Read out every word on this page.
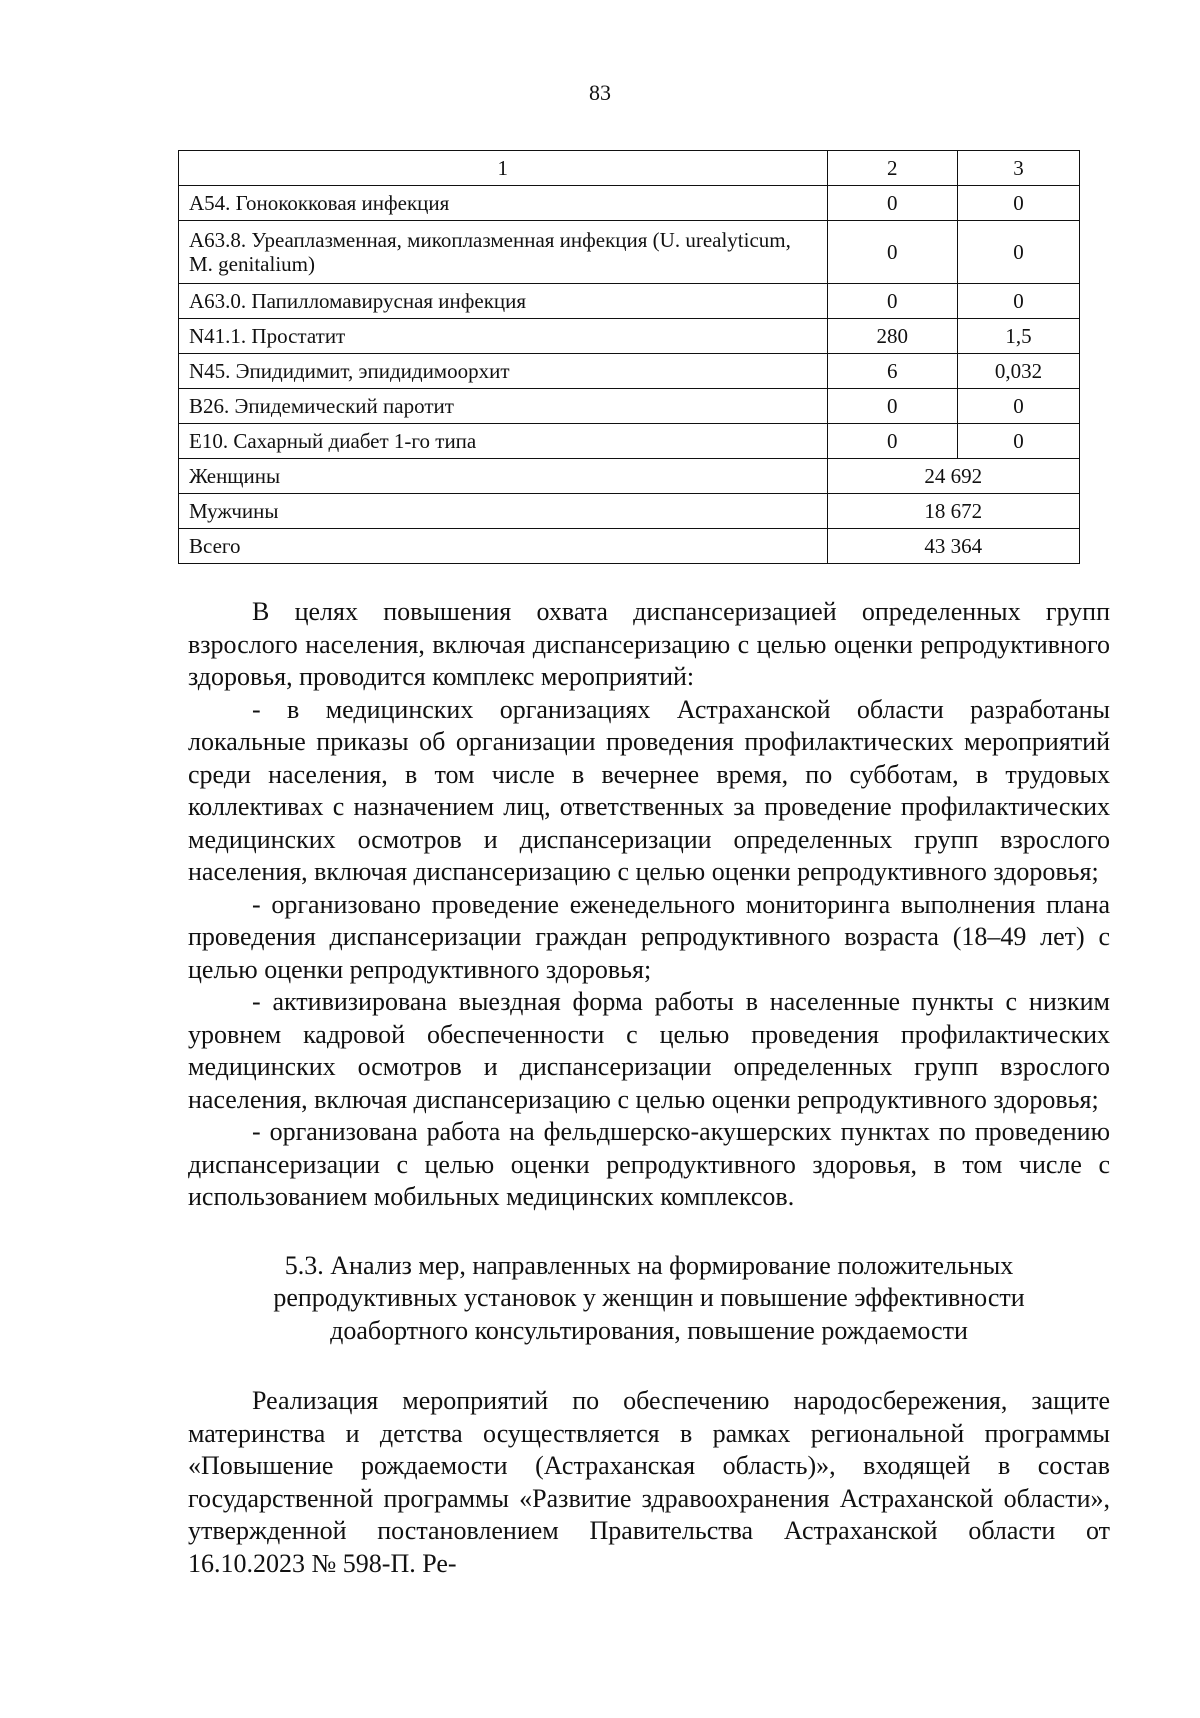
83
1	2	3
А54. Гонококковая инфекция	0	0
А63.8. Уреаплазменная, микоплазменная инфекция (U. urealyticum, M. genitalium)	0	0
А63.0. Папилломавирусная инфекция	0	0
N41.1. Простатит	280	1,5
N45. Эпидидимит, эпидидимоорхит	6	0,032
В26. Эпидемический паротит	0	0
Е10. Сахарный диабет 1-го типа	0	0
Женщины	24 692	
Мужчины	18 672	
Всего	43 364	

В целях повышения охвата диспансеризацией определенных групп взрослого населения, включая диспансеризацию с целью оценки репродуктивного здоровья, проводится комплекс мероприятий:

- в медицинских организациях Астраханской области разработаны локальные приказы об организации проведения профилактических мероприятий среди населения, в том числе в вечернее время, по субботам, в трудовых коллективах с назначением лиц, ответственных за проведение профилактических медицинских осмотров и диспансеризации определенных групп взрослого населения, включая диспансеризацию с целью оценки репродуктивного здоровья;

- организовано проведение еженедельного мониторинга выполнения плана проведения диспансеризации граждан репродуктивного возраста (18–49 лет) с целью оценки репродуктивного здоровья;

- активизирована выездная форма работы в населенные пункты с низким уровнем кадровой обеспеченности с целью проведения профилактических медицинских осмотров и диспансеризации определенных групп взрослого населения, включая диспансеризацию с целью оценки репродуктивного здоровья;

- организована работа на фельдшерско-акушерских пунктах по проведению диспансеризации с целью оценки репродуктивного здоровья, в том числе с использованием мобильных медицинских комплексов.

5.3. Анализ мер, направленных на формирование положительных репродуктивных установок у женщин и повышение эффективности доабортного консультирования, повышение рождаемости

Реализация мероприятий по обеспечению народосбережения, защите материнства и детства осуществляется в рамках региональной программы «Повышение рождаемости (Астраханская область)», входящей в состав государственной программы «Развитие здравоохранения Астраханской области», утвержденной постановлением Правительства Астраханской области от 16.10.2023 № 598-П. Ре-
